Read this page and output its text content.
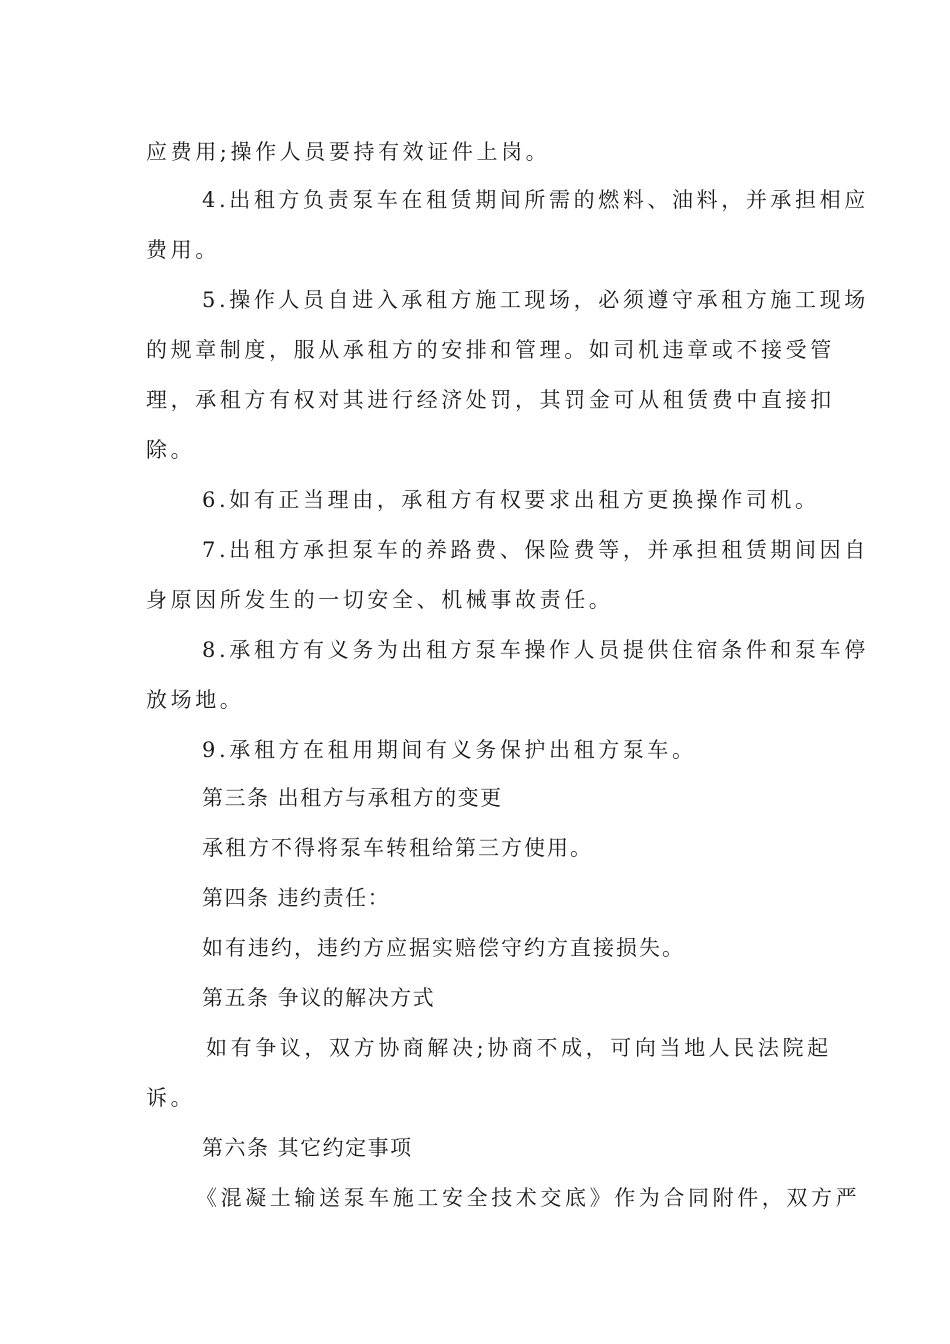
应费用;操作人员要持有效证件上岗。
4.出租方负责泵车在租赁期间所需的燃料、油料，并承担相应
费用。
5.操作人员自进入承租方施工现场，必须遵守承租方施工现场
的规章制度，服从承租方的安排和管理。如司机违章或不接受管
理，承租方有权对其进行经济处罚，其罚金可从租赁费中直接扣
除。
6.如有正当理由，承租方有权要求出租方更换操作司机。
7.出租方承担泵车的养路费、保险费等，并承担租赁期间因自
身原因所发生的一切安全、机械事故责任。
8.承租方有义务为出租方泵车操作人员提供住宿条件和泵车停
放场地。
9.承租方在租用期间有义务保护出租方泵车。
第三条 出租方与承租方的变更
承租方不得将泵车转租给第三方使用。
第四条 违约责任：
如有违约，违约方应据实赔偿守约方直接损失。
第五条 争议的解决方式
如有争议，双方协商解决;协商不成，可向当地人民法院起
诉。
第六条 其它约定事项
《混凝土输送泵车施工安全技术交底》作为合同附件，双方严
